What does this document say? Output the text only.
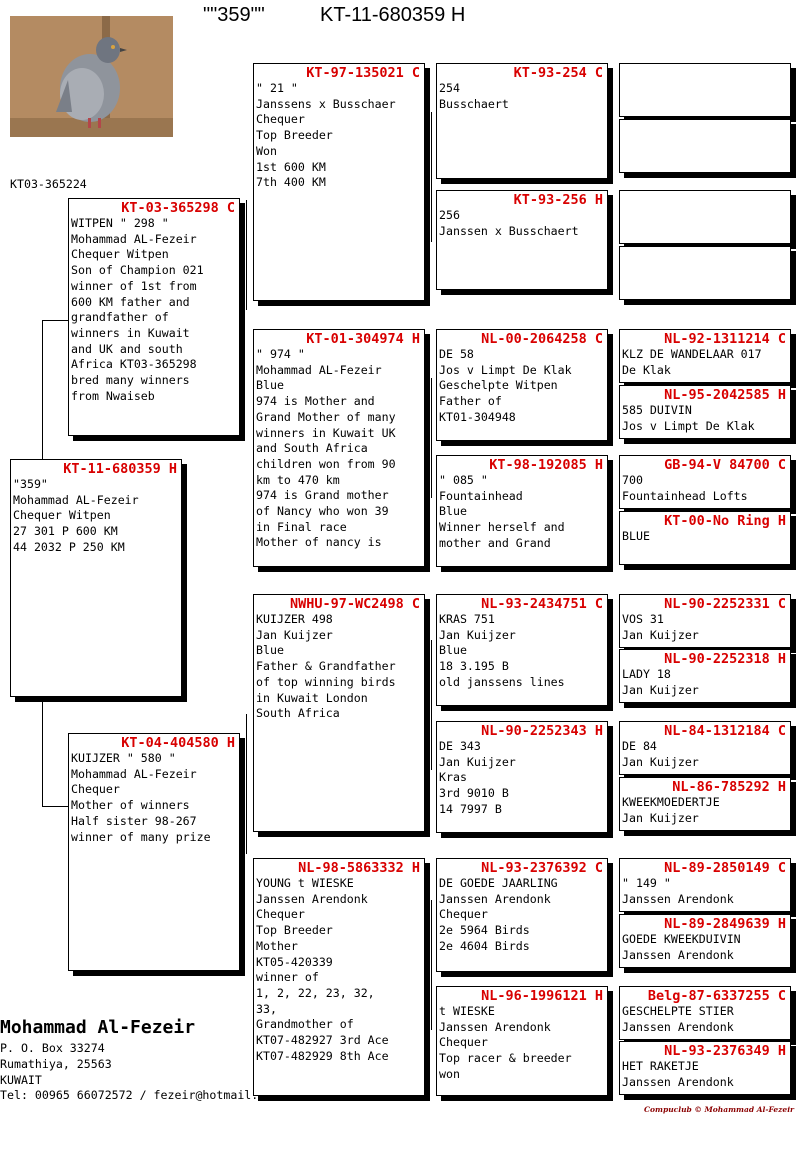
""359""	KT-11-680359 H
KT03-365224
KT-11-680359 H
"359"
Mohammad AL-Fezeir
Chequer Witpen
27 301 P 600 KM
44 2032 P 250 KM
KT-03-365298 C
WITPEN " 298 "
Mohammad AL-Fezeir
Chequer Witpen
Son of Champion 021
winner of 1st from
600 KM father and
grandfather of
winners in Kuwait
and UK and south
Africa KT03-365298
bred many winners
from Nwaiseb
KT-04-404580 H
KUIJZER " 580 "
Mohammad AL-Fezeir
Chequer
Mother of winners
Half sister 98-267
winner of many prize
KT-97-135021 C
" 21 "
Janssens x Busschaer
Chequer
Top Breeder
Won
1st 600 KM
7th 400 KM
KT-01-304974 H
" 974 "
Mohammad AL-Fezeir
Blue
974 is Mother and
Grand Mother of many
winners in Kuwait UK
and South Africa
children won from 90
km to 470 km
974 is Grand mother
of Nancy who won 39
in Final race
Mother of nancy is
NWHU-97-WC2498 C
KUIJZER 498
Jan Kuijzer
Blue
Father & Grandfather
of top winning birds
in Kuwait London
South Africa
NL-98-5863332 H
YOUNG t WIESKE
Janssen Arendonk
Chequer
Top Breeder
Mother
KT05-420339
winner of
1, 2, 22, 23, 32,
33,
Grandmother of
KT07-482927 3rd Ace
KT07-482929 8th Ace
KT-93-254 C
254
Busschaert
KT-93-256 H
256
Janssen x Busschaert
NL-00-2064258 C
DE 58
Jos v Limpt De Klak
Geschelpte Witpen
Father of
KT01-304948
KT-98-192085 H
" 085 "
Fountainhead
Blue
Winner herself and
mother and Grand
NL-93-2434751 C
KRAS 751
Jan Kuijzer
Blue
18 3.195 B
old janssens lines
NL-90-2252343 H
DE 343
Jan Kuijzer
Kras
3rd 9010 B
14 7997 B
NL-93-2376392 C
DE GOEDE JAARLING
Janssen Arendonk
Chequer
2e 5964 Birds
2e 4604 Birds
NL-96-1996121 H
t WIESKE
Janssen Arendonk
Chequer
Top racer & breeder
won
NL-92-1311214 C
KLZ DE WANDELAAR 017
De Klak
NL-95-2042585 H
585 DUIVIN
Jos v Limpt De Klak
GB-94-V 84700 C
700
Fountainhead Lofts
KT-00-No Ring H
BLUE
NL-90-2252331 C
VOS 31
Jan Kuijzer
NL-90-2252318 H
LADY 18
Jan Kuijzer
NL-84-1312184 C
DE 84
Jan Kuijzer
NL-86-785292 H
KWEEKMOEDERTJE
Jan Kuijzer
NL-89-2850149 C
" 149 "
Janssen Arendonk
NL-89-2849639 H
GOEDE KWEEKDUIVIN
Janssen Arendonk
Belg-87-6337255 C
GESCHELPTE STIER
Janssen Arendonk
NL-93-2376349 H
HET RAKETJE
Janssen Arendonk
Mohammad Al-Fezeir
P. O. Box 33274
Rumathiya, 25563
KUWAIT
Tel: 00965 66072572 / fezeir@hotmail.
Compuclub © Mohammad Al-Fezeir
